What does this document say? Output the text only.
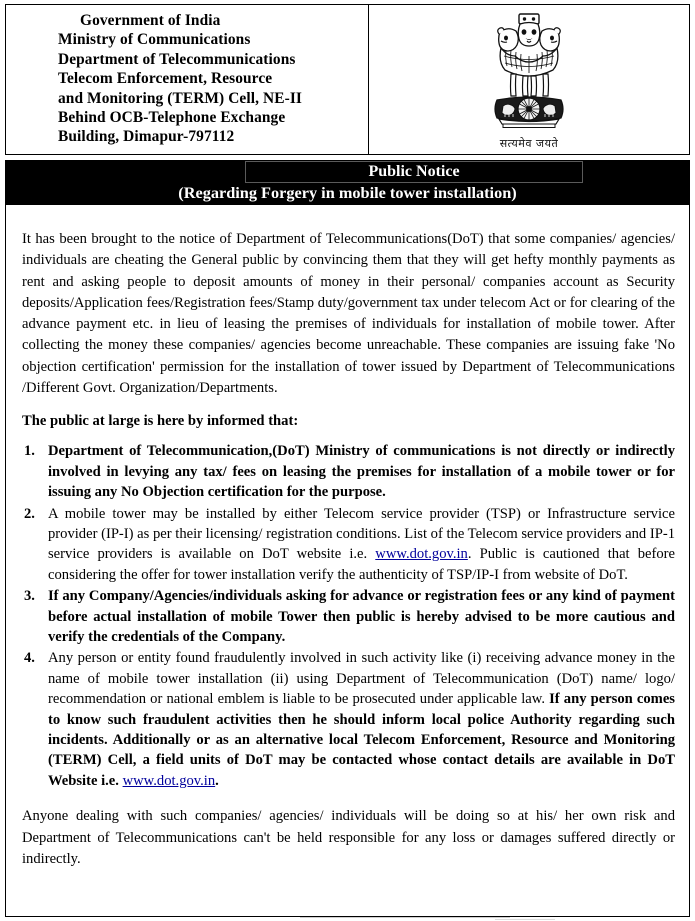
Government of India
Ministry of Communications
Department of Telecommunications
Telecom Enforcement, Resource
and Monitoring (TERM) Cell, NE-II
Behind OCB-Telephone Exchange
Building, Dimapur-797112	सत्यमेव जयते
Public Notice
(Regarding Forgery in mobile tower installation)

It has been brought to the notice of Department of Telecommunications(DoT) that some companies/ agencies/ individuals are cheating the General public by convincing them that they will get hefty monthly payments as rent and asking people to deposit amounts of money in their personal/ companies account as Security deposits/Application fees/Registration fees/Stamp duty/government tax under telecom Act or for clearing of the advance payment etc. in lieu of leasing the premises of individuals for installation of mobile tower. After collecting the money these companies/ agencies become unreachable. These companies are issuing fake 'No objection certification' permission for the installation of tower issued by Department of Telecommunications /Different Govt. Organization/Departments.

The public at large is here by informed that:

Department of Telecommunication,(DoT) Ministry of communications is not directly or indirectly involved in levying any tax/ fees on leasing the premises for installation of a mobile tower or for issuing any No Objection certification for the purpose.
A mobile tower may be installed by either Telecom service provider (TSP) or Infrastructure service provider (IP-I) as per their licensing/ registration conditions. List of the Telecom service providers and IP-1 service providers is available on DoT website i.e. www.dot.gov.in. Public is cautioned that before considering the offer for tower installation verify the authenticity of TSP/IP-I from website of DoT.
If any Company/Agencies/individuals asking for advance or registration fees or any kind of payment before actual installation of mobile Tower then public is hereby advised to be more cautious and verify the credentials of the Company.
Any person or entity found fraudulently involved in such activity like (i) receiving advance money in the name of mobile tower installation (ii) using Department of Telecommunication (DoT) name/ logo/ recommendation or national emblem is liable to be prosecuted under applicable law. If any person comes to know such fraudulent activities then he should inform local police Authority regarding such incidents. Additionally or as an alternative local Telecom Enforcement, Resource and Monitoring (TERM) Cell, a field units of DoT may be contacted whose contact details are available in DoT Website i.e. www.dot.gov.in.

Anyone dealing with such companies/ agencies/ individuals will be doing so at his/ her own risk and Department of Telecommunications can't be held responsible for any loss or damages suffered directly or indirectly.
